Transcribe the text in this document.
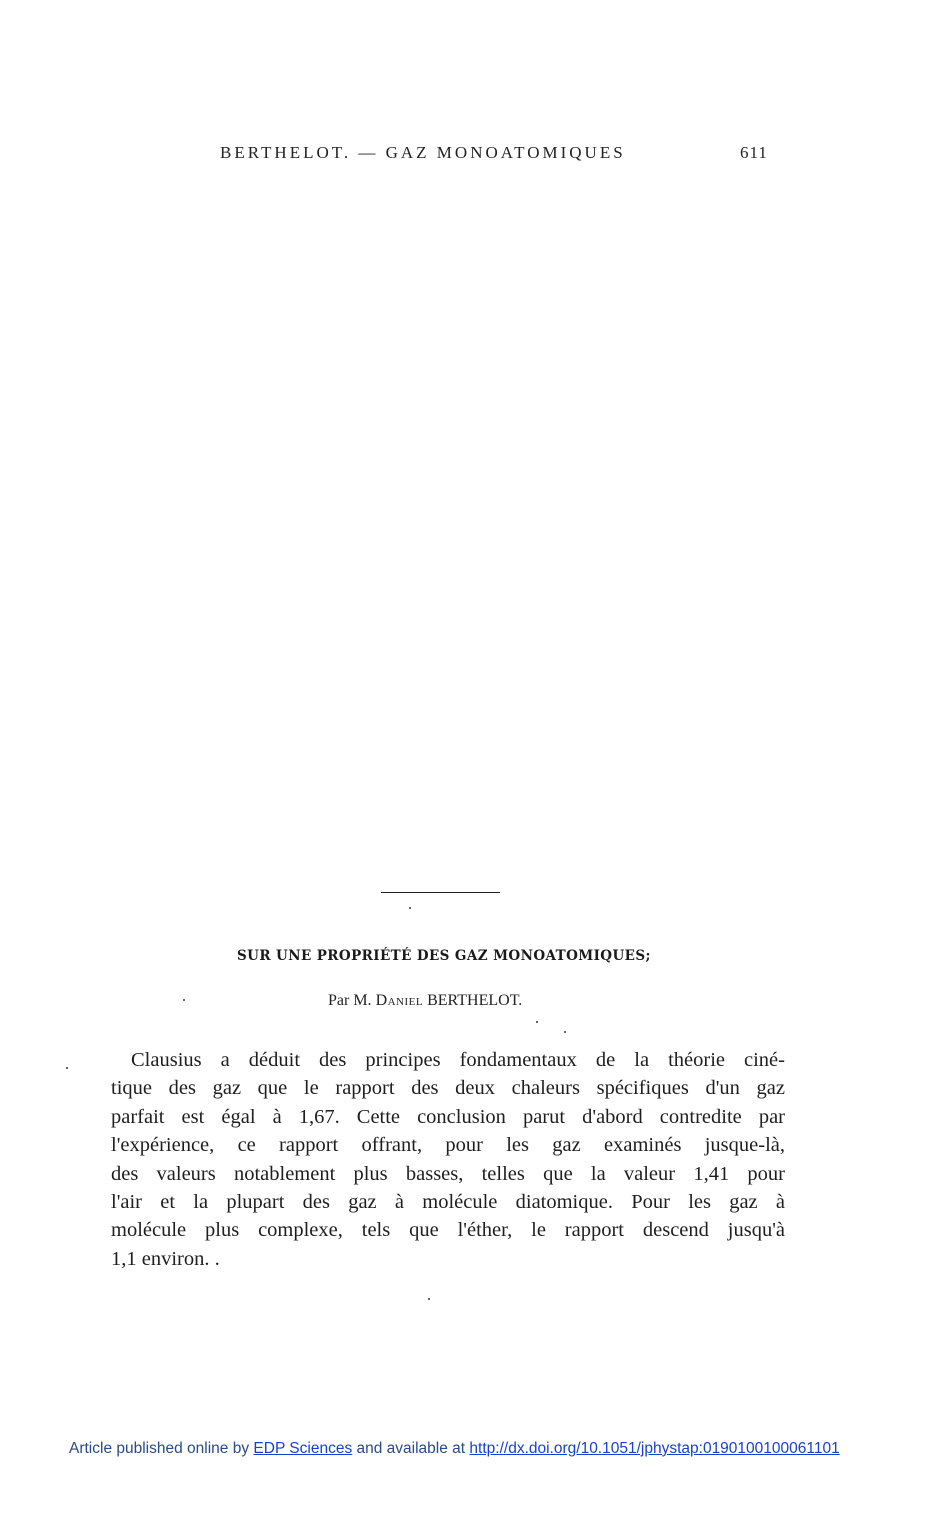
BERTHELOT. — GAZ MONOATOMIQUES	611
SUR UNE PROPRIÉTÉ DES GAZ MONOATOMIQUES;
Par M. Daniel BERTHELOT.
Clausius a déduit des principes fondamentaux de la théorie ciné-
tique des gaz que le rapport des deux chaleurs spécifiques d'un gaz
parfait est égal à 1,67. Cette conclusion parut d'abord contredite par
l'expérience, ce rapport offrant, pour les gaz examinés jusque-là,
des valeurs notablement plus basses, telles que la valeur 1,41 pour
l'air et la plupart des gaz à molécule diatomique. Pour les gaz à
molécule plus complexe, tels que l'éther, le rapport descend jusqu'à
1,1 environ. .
Article published online by EDP Sciences and available at http://dx.doi.org/10.1051/jphystap:0190100100061101
